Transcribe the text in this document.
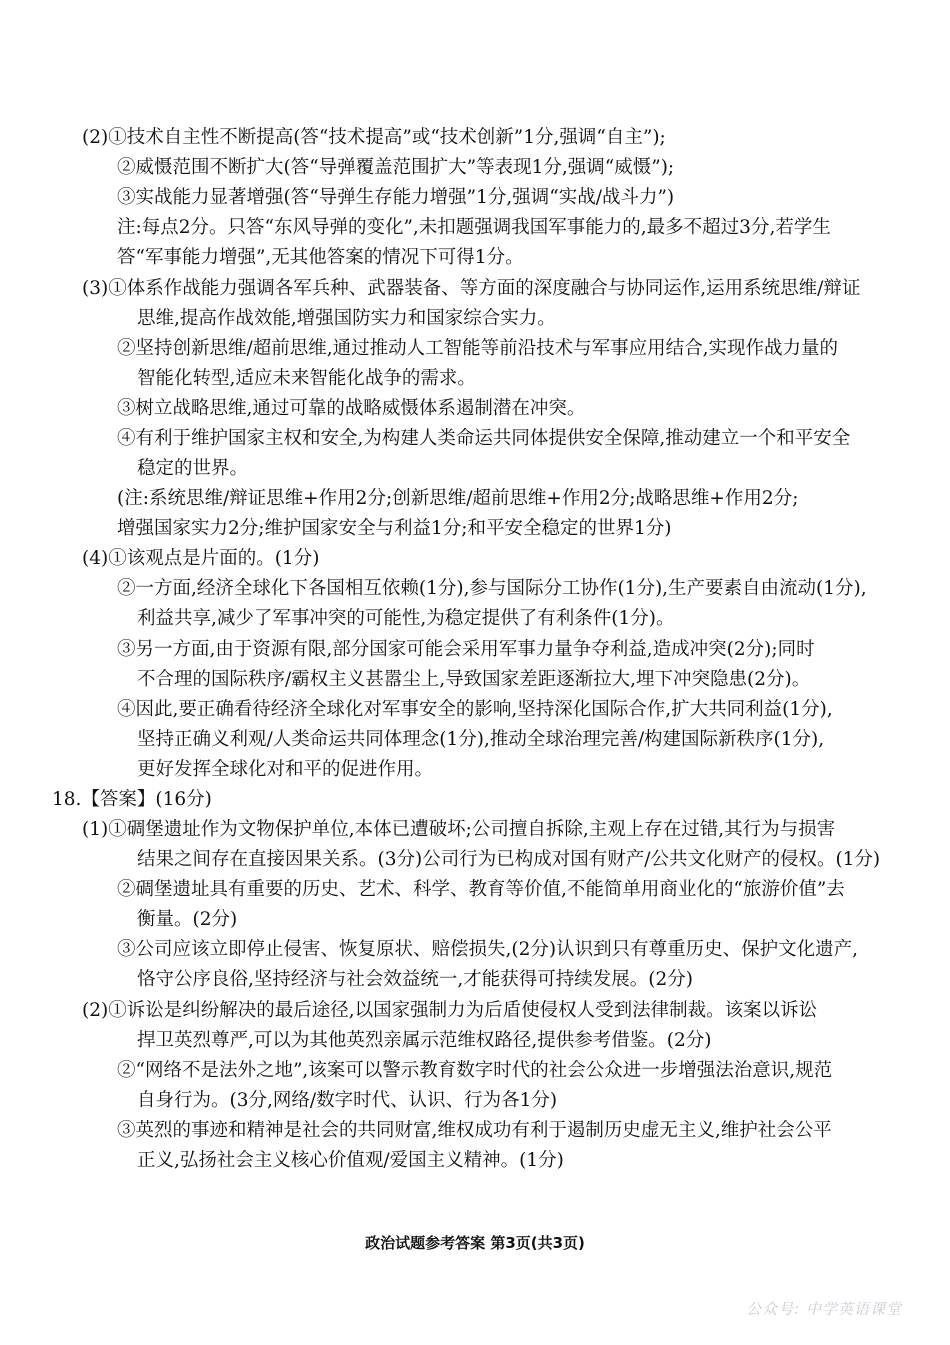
(2)①技术自主性不断提高(答“技术提高”或“技术创新”1分,强调“自主”);
②威慑范围不断扩大(答“导弹覆盖范围扩大”等表现1分,强调“威慑”);
③实战能力显著增强(答“导弹生存能力增强”1分,强调“实战/战斗力”)
注:每点2分。只答“东风导弹的变化”,未扣题强调我国军事能力的,最多不超过3分,若学生
答“军事能力增强”,无其他答案的情况下可得1分。
(3)①体系作战能力强调各军兵种、武器装备、等方面的深度融合与协同运作,运用系统思维/辩证
思维,提高作战效能,增强国防实力和国家综合实力。
②坚持创新思维/超前思维,通过推动人工智能等前沿技术与军事应用结合,实现作战力量的
智能化转型,适应未来智能化战争的需求。
③树立战略思维,通过可靠的战略威慑体系遏制潜在冲突。
④有利于维护国家主权和安全,为构建人类命运共同体提供安全保障,推动建立一个和平安全
稳定的世界。
(注:系统思维/辩证思维+作用2分;创新思维/超前思维+作用2分;战略思维+作用2分;
增强国家实力2分;维护国家安全与利益1分;和平安全稳定的世界1分)
(4)①该观点是片面的。(1分)
②一方面,经济全球化下各国相互依赖(1分),参与国际分工协作(1分),生产要素自由流动(1分),
利益共享,减少了军事冲突的可能性,为稳定提供了有利条件(1分)。
③另一方面,由于资源有限,部分国家可能会采用军事力量争夺利益,造成冲突(2分);同时
不合理的国际秩序/霸权主义甚嚣尘上,导致国家差距逐渐拉大,埋下冲突隐患(2分)。
④因此,要正确看待经济全球化对军事安全的影响,坚持深化国际合作,扩大共同利益(1分),
坚持正确义利观/人类命运共同体理念(1分),推动全球治理完善/构建国际新秩序(1分),
更好发挥全球化对和平的促进作用。
18.【答案】(16分)
(1)①碉堡遗址作为文物保护单位,本体已遭破坏;公司擅自拆除,主观上存在过错,其行为与损害
结果之间存在直接因果关系。(3分)公司行为已构成对国有财产/公共文化财产的侵权。(1分)
②碉堡遗址具有重要的历史、艺术、科学、教育等价值,不能简单用商业化的“旅游价值”去
衡量。(2分)
③公司应该立即停止侵害、恢复原状、赔偿损失,(2分)认识到只有尊重历史、保护文化遗产,
恪守公序良俗,坚持经济与社会效益统一,才能获得可持续发展。(2分)
(2)①诉讼是纠纷解决的最后途径,以国家强制力为后盾使侵权人受到法律制裁。该案以诉讼
捍卫英烈尊严,可以为其他英烈亲属示范维权路径,提供参考借鉴。(2分)
②“网络不是法外之地”,该案可以警示教育数字时代的社会公众进一步增强法治意识,规范
自身行为。(3分,网络/数字时代、认识、行为各1分)
③英烈的事迹和精神是社会的共同财富,维权成功有利于遏制历史虚无主义,维护社会公平
正义,弘扬社会主义核心价值观/爱国主义精神。(1分)
政治试题参考答案 第3页(共3页)
公众号: 中学英语课堂
